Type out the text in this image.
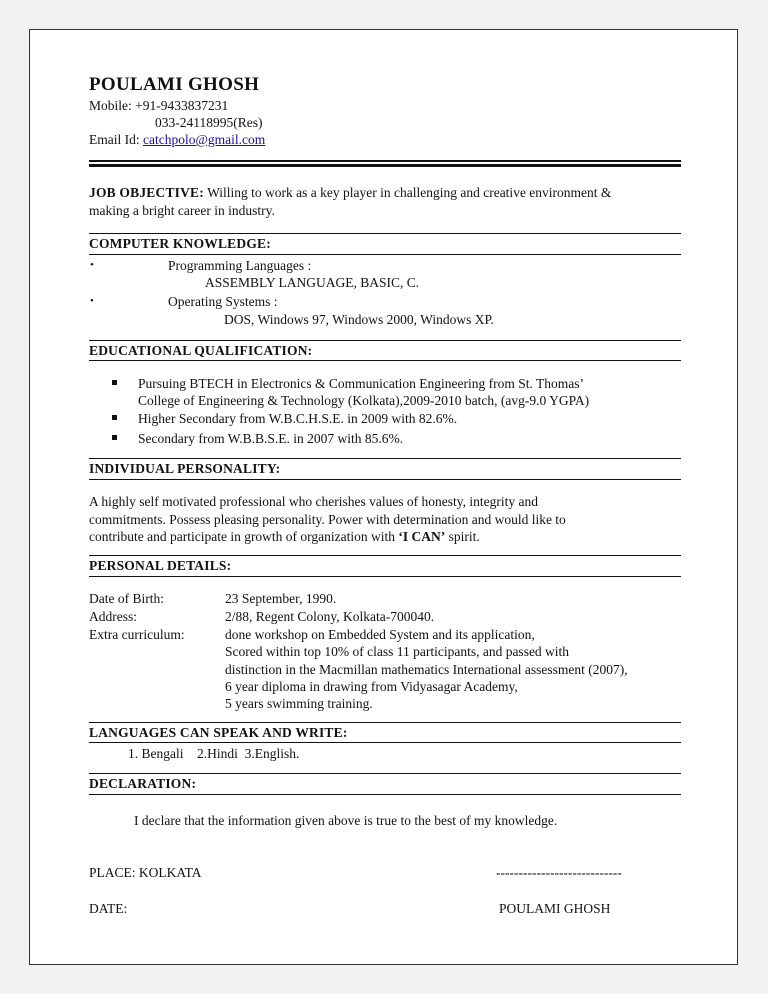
POULAMI GHOSH
Mobile: +91-9433837231
033-24118995(Res)
Email Id: catchpolo@gmail.com
JOB OBJECTIVE: Willing to work as a key player in challenging and creative environment &
making a bright career in industry.
COMPUTER KNOWLEDGE:
•	Programming Languages :
ASSEMBLY LANGUAGE, BASIC, C.
•	Operating Systems :
DOS, Windows 97, Windows 2000, Windows XP.
EDUCATIONAL QUALIFICATION:
Pursuing BTECH in Electronics & Communication Engineering from St. Thomas’
College of Engineering & Technology (Kolkata),2009-2010 batch, (avg-9.0 YGPA)
Higher Secondary from W.B.C.H.S.E. in 2009 with 82.6%.
Secondary from W.B.B.S.E. in 2007 with 85.6%.
INDIVIDUAL PERSONALITY:
A highly self motivated professional who cherishes values of honesty, integrity and
commitments. Possess pleasing personality. Power with determination and would like to
contribute and participate in growth of organization with ‘I CAN’ spirit.
PERSONAL DETAILS:
Date of Birth:	23 September, 1990.
Address:	2/88, Regent Colony, Kolkata-700040.
Extra curriculum:	done workshop on Embedded System and its application,
Scored within top 10% of class 11 participants, and passed with
distinction in the Macmillan mathematics International assessment (2007),
6 year diploma in drawing from Vidyasagar Academy,
5 years swimming training.
LANGUAGES CAN SPEAK AND WRITE:
1. Bengali    2.Hindi  3.English.
DECLARATION:
I declare that the information given above is true to the best of my knowledge.
PLACE: KOLKATA	----------------------------
DATE:	POULAMI GHOSH
